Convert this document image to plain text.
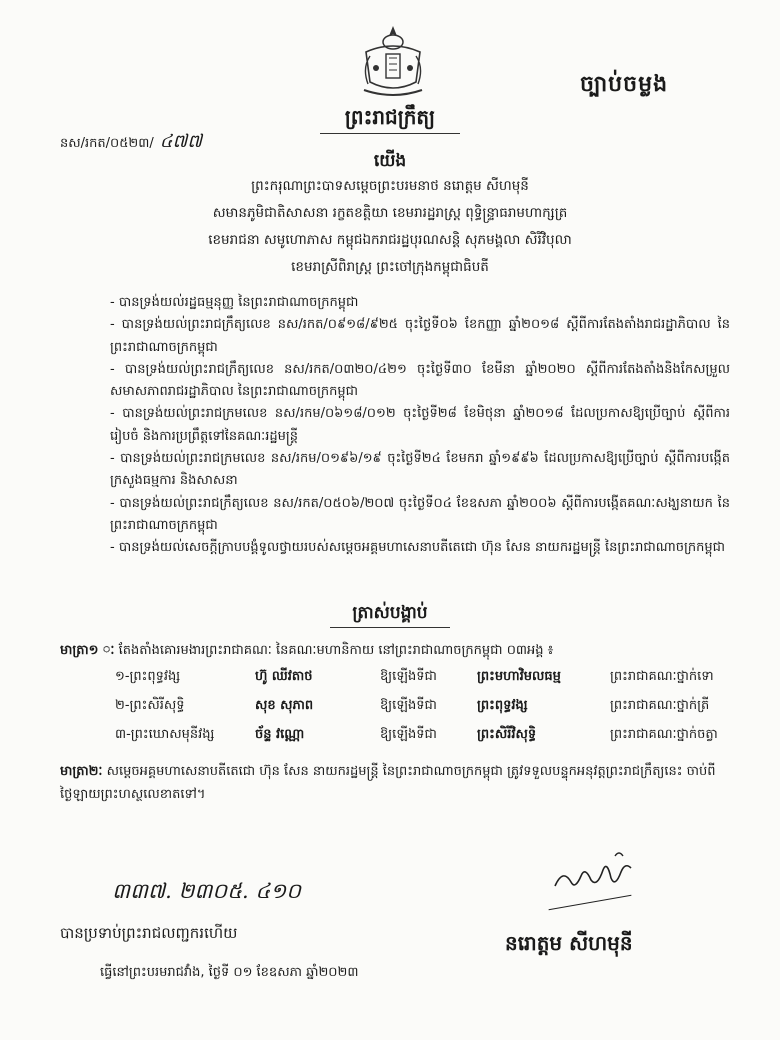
ច្បាប់ចម្លង
ព្រះរាជក្រឹត្យ
នស/រកត/០៥២៣/ ៤៧៧
យើង
ព្រះករុណាព្រះបាទសម្តេចព្រះបរមនាថ នរោត្តម សីហមុនី
សមានភូមិជាតិសាសនា រក្ខតខត្តិយា ខេមរារដ្ឋរាស្ត្រ ពុទ្ធិន្ទ្រាធរាមហាក្សត្រ
ខេមរាជនា សមូហោភាស កម្ពុជឯករាជរដ្ឋបុរណសន្តិ សុភមង្គលា សិរីវិបុលា
ខេមរាស្រីពិរាស្ត្រ ព្រះចៅក្រុងកម្ពុជាធិបតី
- បានទ្រង់យល់រដ្ឋធម្មនុញ្ញ នៃព្រះរាជាណាចក្រកម្ពុជា
- បានទ្រង់យល់ព្រះរាជក្រឹត្យលេខ នស/រកត/០៩១៨/៩២៥ ចុះថ្ងៃទី០៦ ខែកញ្ញា ឆ្នាំ២០១៨ ស្តីពីការតែងតាំងរាជរដ្ឋាភិបាល នៃព្រះរាជាណាចក្រកម្ពុជា
- បានទ្រង់យល់ព្រះរាជក្រឹត្យលេខ នស/រកត/០៣២០/៤២១ ចុះថ្ងៃទី៣០ ខែមីនា ឆ្នាំ២០២០ ស្តីពីការតែងតាំងនិងកែសម្រួលសមាសភាពរាជរដ្ឋាភិបាល នៃព្រះរាជាណាចក្រកម្ពុជា
- បានទ្រង់យល់ព្រះរាជក្រមលេខ នស/រកម/០៦១៨/០១២ ចុះថ្ងៃទី២៨ ខែមិថុនា ឆ្នាំ២០១៨ ដែលប្រកាសឱ្យប្រើច្បាប់ ស្តីពីការរៀបចំ និងការប្រព្រឹត្តទៅនៃគណៈរដ្ឋមន្ត្រី
- បានទ្រង់យល់ព្រះរាជក្រមលេខ នស/រកម/០១៩៦/១៩ ចុះថ្ងៃទី២៤ ខែមករា ឆ្នាំ១៩៩៦ ដែលប្រកាសឱ្យប្រើច្បាប់ ស្តីពីការបង្កើតក្រសួងធម្មការ និងសាសនា
- បានទ្រង់យល់ព្រះរាជក្រឹត្យលេខ នស/រកត/០៥០៦/២០៧ ចុះថ្ងៃទី០៤ ខែឧសភា ឆ្នាំ២០០៦ ស្តីពីការបង្កើតគណៈសង្ឃនាយក នៃព្រះរាជាណាចក្រកម្ពុជា
- បានទ្រង់យល់សេចក្តីក្រាបបង្គំទូលថ្វាយរបស់សម្តេចអគ្គមហាសេនាបតីតេជោ ហ៊ុន សែន នាយករដ្ឋមន្ត្រី នៃព្រះរាជាណាចក្រកម្ពុជា
ត្រាស់បង្គាប់
មាត្រា១ ៈ តែងតាំងគោរមងារព្រះរាជាគណៈ នៃគណៈមហានិកាយ នៅព្រះរាជាណាចក្រកម្ពុជា ០៣អង្គ ៖
១-ព្រះពុទ្ធវង្ស	ហ៊ូ ឈីវតាថ	ឱ្យឡើងទីជា	ព្រះមហាវិមលធម្ម	ព្រះរាជាគណៈថ្នាក់ទោ
២-ព្រះសិរីសុទ្ធិ	សុខ សុភាព	ឱ្យឡើងទីជា	ព្រះពុទ្ធវង្ស	ព្រះរាជាគណៈថ្នាក់ត្រី
៣-ព្រះឃោសមុនីវង្ស	ច័ន្ទ វណ្ណោ	ឱ្យឡើងទីជា	ព្រះសិរីវិសុទ្ធិ	ព្រះរាជាគណៈថ្នាក់ចត្វា
មាត្រា២ៈ សម្តេចអគ្គមហាសេនាបតីតេជោ ហ៊ុន សែន នាយករដ្ឋមន្ត្រី នៃព្រះរាជាណាចក្រកម្ពុជា ត្រូវទទួលបន្ទុកអនុវត្តព្រះរាជក្រឹត្យនេះ ចាប់ពីថ្ងៃឡាយព្រះហស្ថលេខាតទៅ។
៣៣៧. ២៣០៥. ៤១០
បានប្រទាប់ព្រះរាជលញ្ជករហើយ
ធ្វើនៅព្រះបរមរាជវាំង, ថ្ងៃទី ០១ ខែឧសភា ឆ្នាំ២០២៣
នរោត្តម សីហមុនី
